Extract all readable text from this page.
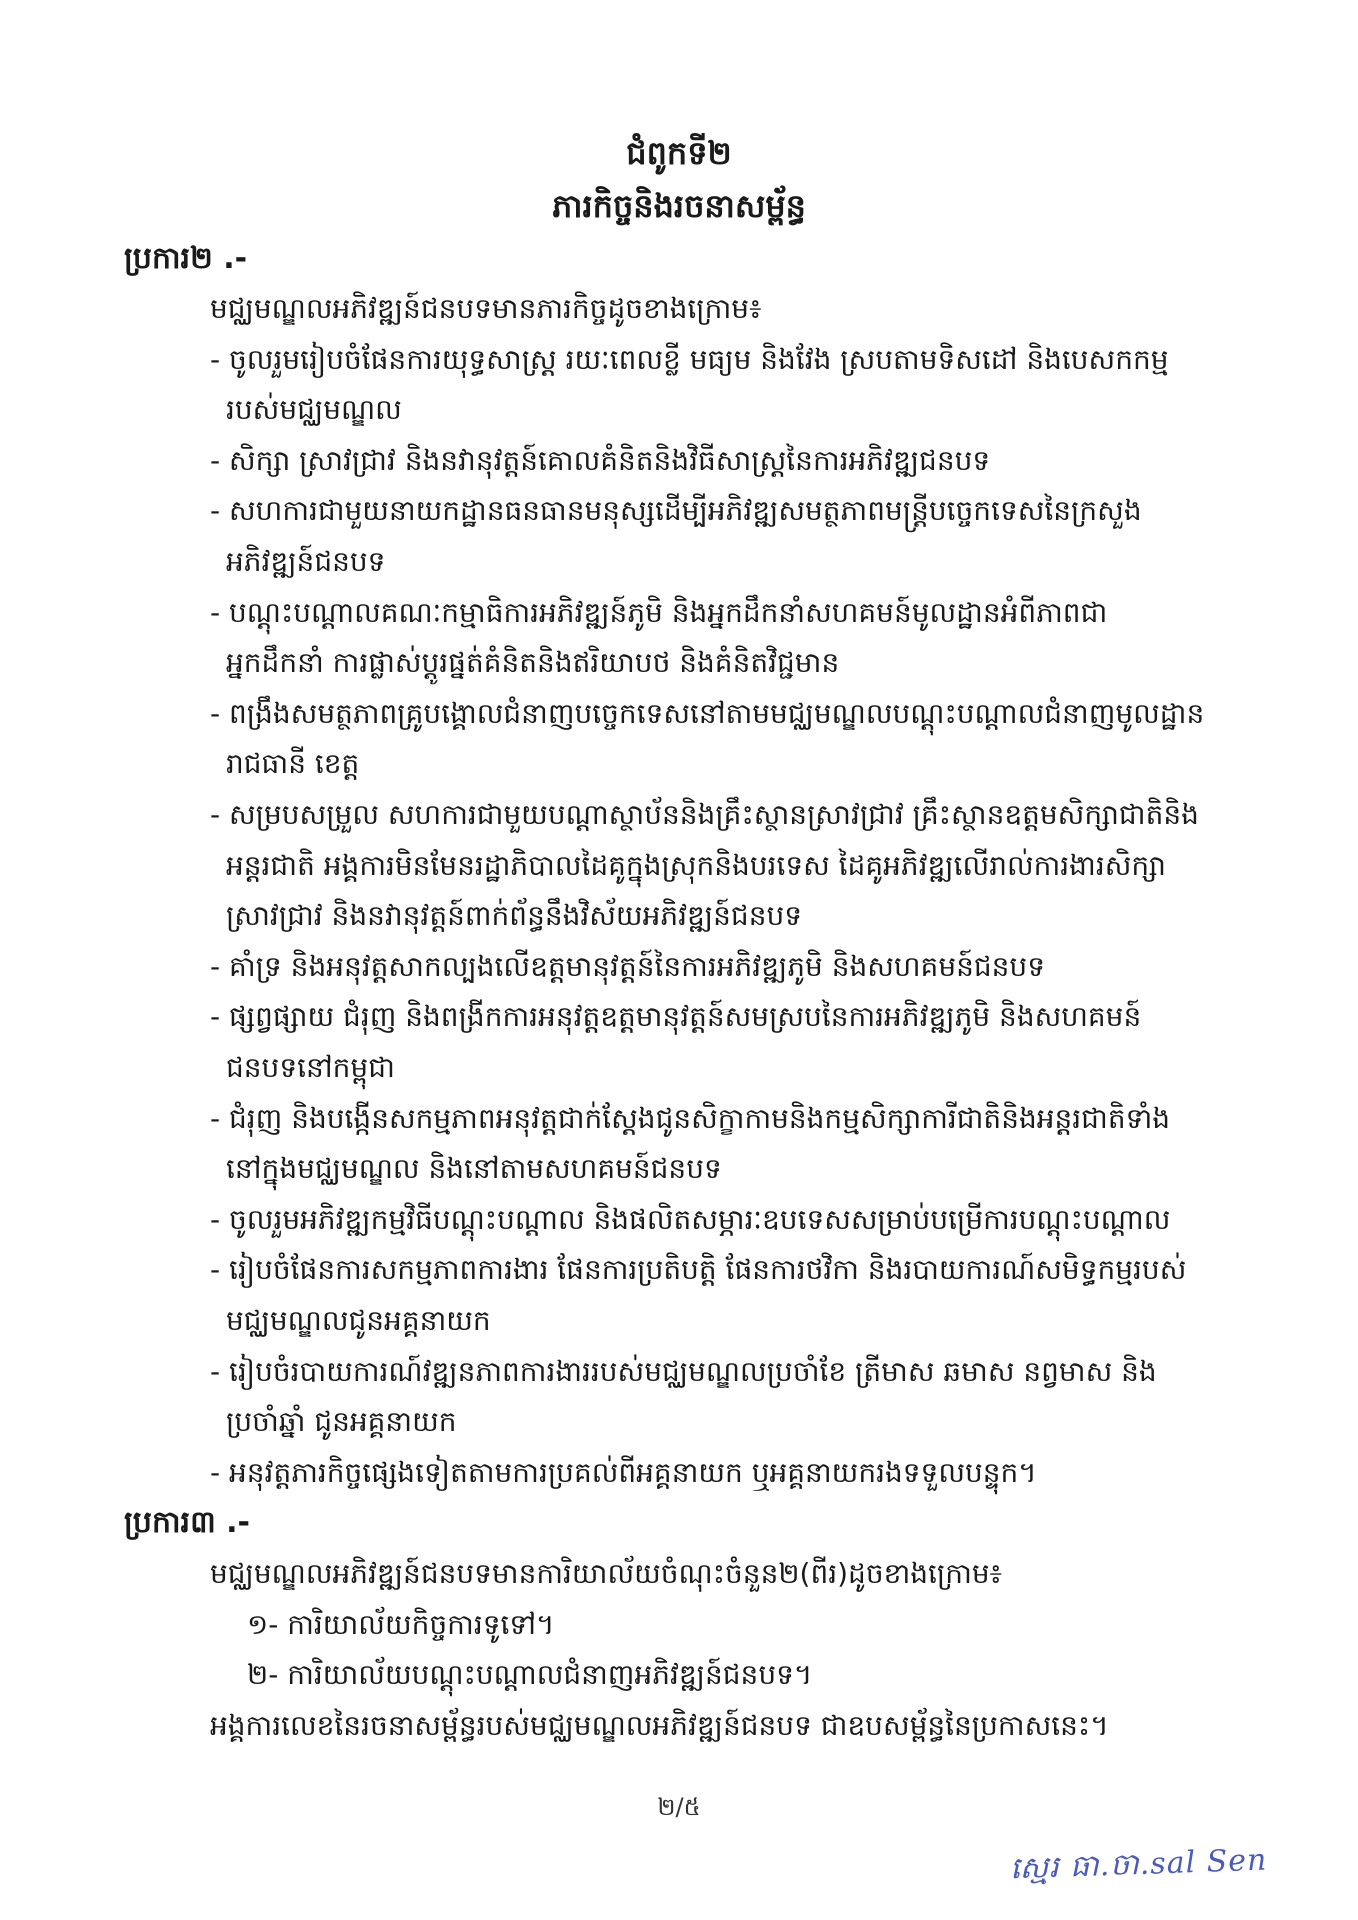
ជំពូកទី២
ភារកិច្ចនិងរចនាសម្ព័ន្ធ
ប្រការ២ .-
មជ្ឈមណ្ឌលអភិវឌ្ឍន៍ជនបទមានភារកិច្ចដូចខាងក្រោម៖
- ចូលរួមរៀបចំផែនការយុទ្ធសាស្ត្រ រយៈពេលខ្លី មធ្យម និងវែង ស្របតាមទិសដៅ និងបេសកកម្ម
របស់មជ្ឈមណ្ឌល
- សិក្សា ស្រាវជ្រាវ និងនវានុវត្តន៍គោលគំនិតនិងវិធីសាស្ត្រនៃការអភិវឌ្ឍជនបទ
- សហការជាមួយនាយកដ្ឋានធនធានមនុស្សដើម្បីអភិវឌ្ឍសមត្ថភាពមន្ត្រីបច្ចេកទេសនៃក្រសួង
អភិវឌ្ឍន៍ជនបទ
- បណ្តុះបណ្តាលគណៈកម្មាធិការអភិវឌ្ឍន៍ភូមិ និងអ្នកដឹកនាំសហគមន៍មូលដ្ឋានអំពីភាពជា
អ្នកដឹកនាំ ការផ្លាស់ប្តូរផ្នត់គំនិតនិងឥរិយាបថ និងគំនិតវិជ្ជមាន
- ពង្រឹងសមត្ថភាពគ្រូបង្គោលជំនាញបច្ចេកទេសនៅតាមមជ្ឈមណ្ឌលបណ្តុះបណ្តាលជំនាញមូលដ្ឋាន
រាជធានី ខេត្ត
- សម្របសម្រួល សហការជាមួយបណ្តាស្ថាប័ននិងគ្រឹះស្ថានស្រាវជ្រាវ គ្រឹះស្ថានឧត្តមសិក្សាជាតិនិង
អន្តរជាតិ អង្គការមិនមែនរដ្ឋាភិបាលដៃគូក្នុងស្រុកនិងបរទេស ដៃគូអភិវឌ្ឍលើរាល់ការងារសិក្សា
ស្រាវជ្រាវ និងនវានុវត្តន៍ពាក់ព័ន្ធនឹងវិស័យអភិវឌ្ឍន៍ជនបទ
- គាំទ្រ និងអនុវត្តសាកល្បងលើឧត្តមានុវត្តន៍នៃការអភិវឌ្ឍភូមិ និងសហគមន៍ជនបទ
- ផ្សព្វផ្សាយ ជំរុញ និងពង្រីកការអនុវត្តឧត្តមានុវត្តន៍សមស្របនៃការអភិវឌ្ឍភូមិ និងសហគមន៍
ជនបទនៅកម្ពុជា
- ជំរុញ និងបង្កើនសកម្មភាពអនុវត្តជាក់ស្តែងជូនសិក្ខាកាមនិងកម្មសិក្សាការីជាតិនិងអន្តរជាតិទាំង
នៅក្នុងមជ្ឈមណ្ឌល និងនៅតាមសហគមន៍ជនបទ
- ចូលរួមអភិវឌ្ឍកម្មវិធីបណ្តុះបណ្តាល និងផលិតសម្ភារៈឧបទេសសម្រាប់បម្រើការបណ្តុះបណ្តាល
- រៀបចំផែនការសកម្មភាពការងារ ផែនការប្រតិបត្តិ ផែនការថវិកា និងរបាយការណ៍សមិទ្ធកម្មរបស់
មជ្ឈមណ្ឌលជូនអគ្គនាយក
- រៀបចំរបាយការណ៍វឌ្ឍនភាពការងាររបស់មជ្ឈមណ្ឌលប្រចាំខែ ត្រីមាស ឆមាស នព្វមាស និង
ប្រចាំឆ្នាំ ជូនអគ្គនាយក
- អនុវត្តភារកិច្ចផ្សេងទៀតតាមការប្រគល់ពីអគ្គនាយក ឬអគ្គនាយករងទទួលបន្ទុក។
ប្រការ៣ .-
មជ្ឈមណ្ឌលអភិវឌ្ឍន៍ជនបទមានការិយាល័យចំណុះចំនួន២(ពីរ)ដូចខាងក្រោម៖
១- ការិយាល័យកិច្ចការទូទៅ។
២- ការិយាល័យបណ្តុះបណ្តាលជំនាញអភិវឌ្ឍន៍ជនបទ។
អង្គការលេខនៃរចនាសម្ព័ន្ធរបស់មជ្ឈមណ្ឌលអភិវឌ្ឍន៍ជនបទ ជាឧបសម្ព័ន្ធនៃប្រកាសនេះ។
២/៥
ស្មេរ ធា.ចា.sal Sen
